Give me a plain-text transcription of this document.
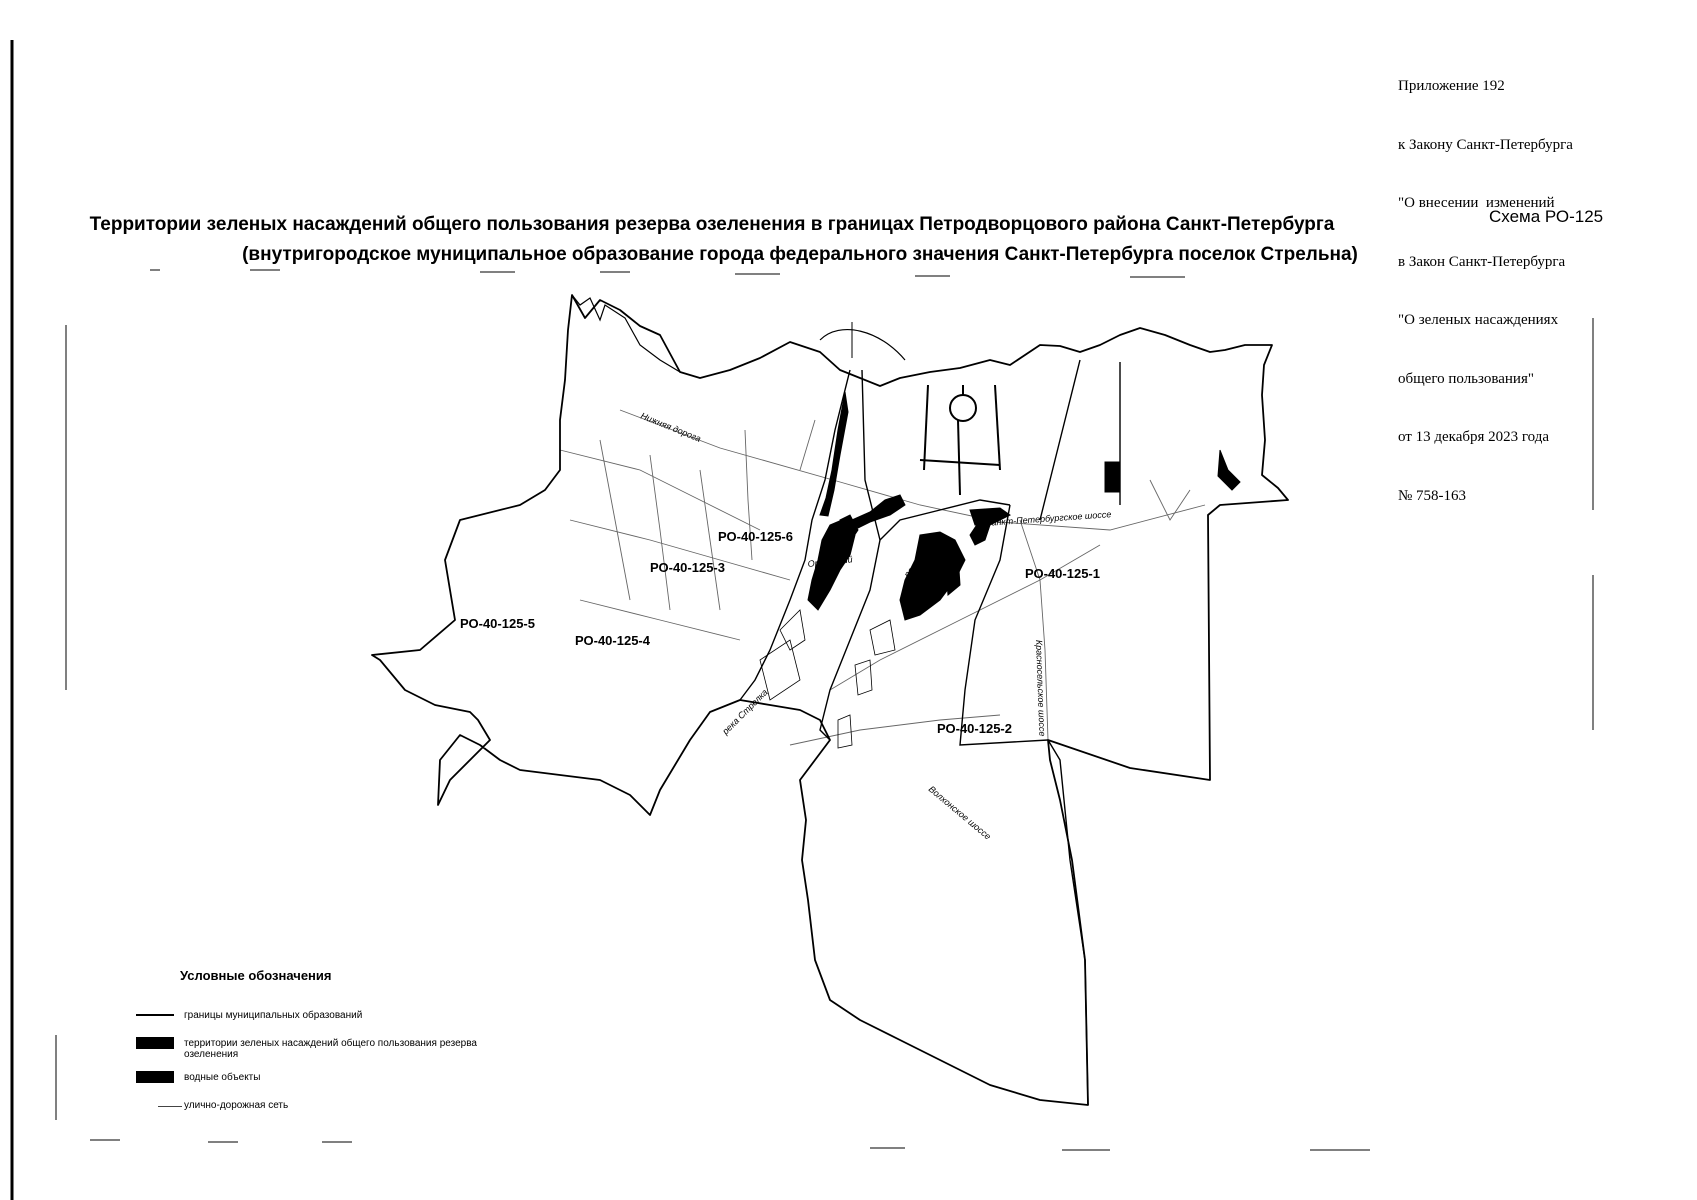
Приложение 192

к Закону Санкт-Петербурга

"О внесении  изменений

в Закон Санкт-Петербурга

"О зеленых насаждениях

общего пользования"

от 13 декабря 2023 года

№ 758-163

Территории зеленых насаждений общего пользования резерва озеленения в границах Петродворцового района Санкт-Петербурга
(внутригородское муниципальное образование города федерального значения Санкт-Петербурга поселок Стрельна)
Схема РО-125
РО-40-125-6
РО-40-125-3
РО-40-125-5
РО-40-125-4
РО-40-125-1
РО-40-125-2
Нижняя дорога
Санкт-Петербургское шоссе
Орловский
река Стрелка
река Кикенка
Красносельское шоссе
Волхонское шоссе
Условные обозначения
границы муниципальных образований
территории зеленых насаждений общего пользования резерва озеленения
водные объекты
улично-дорожная сеть
